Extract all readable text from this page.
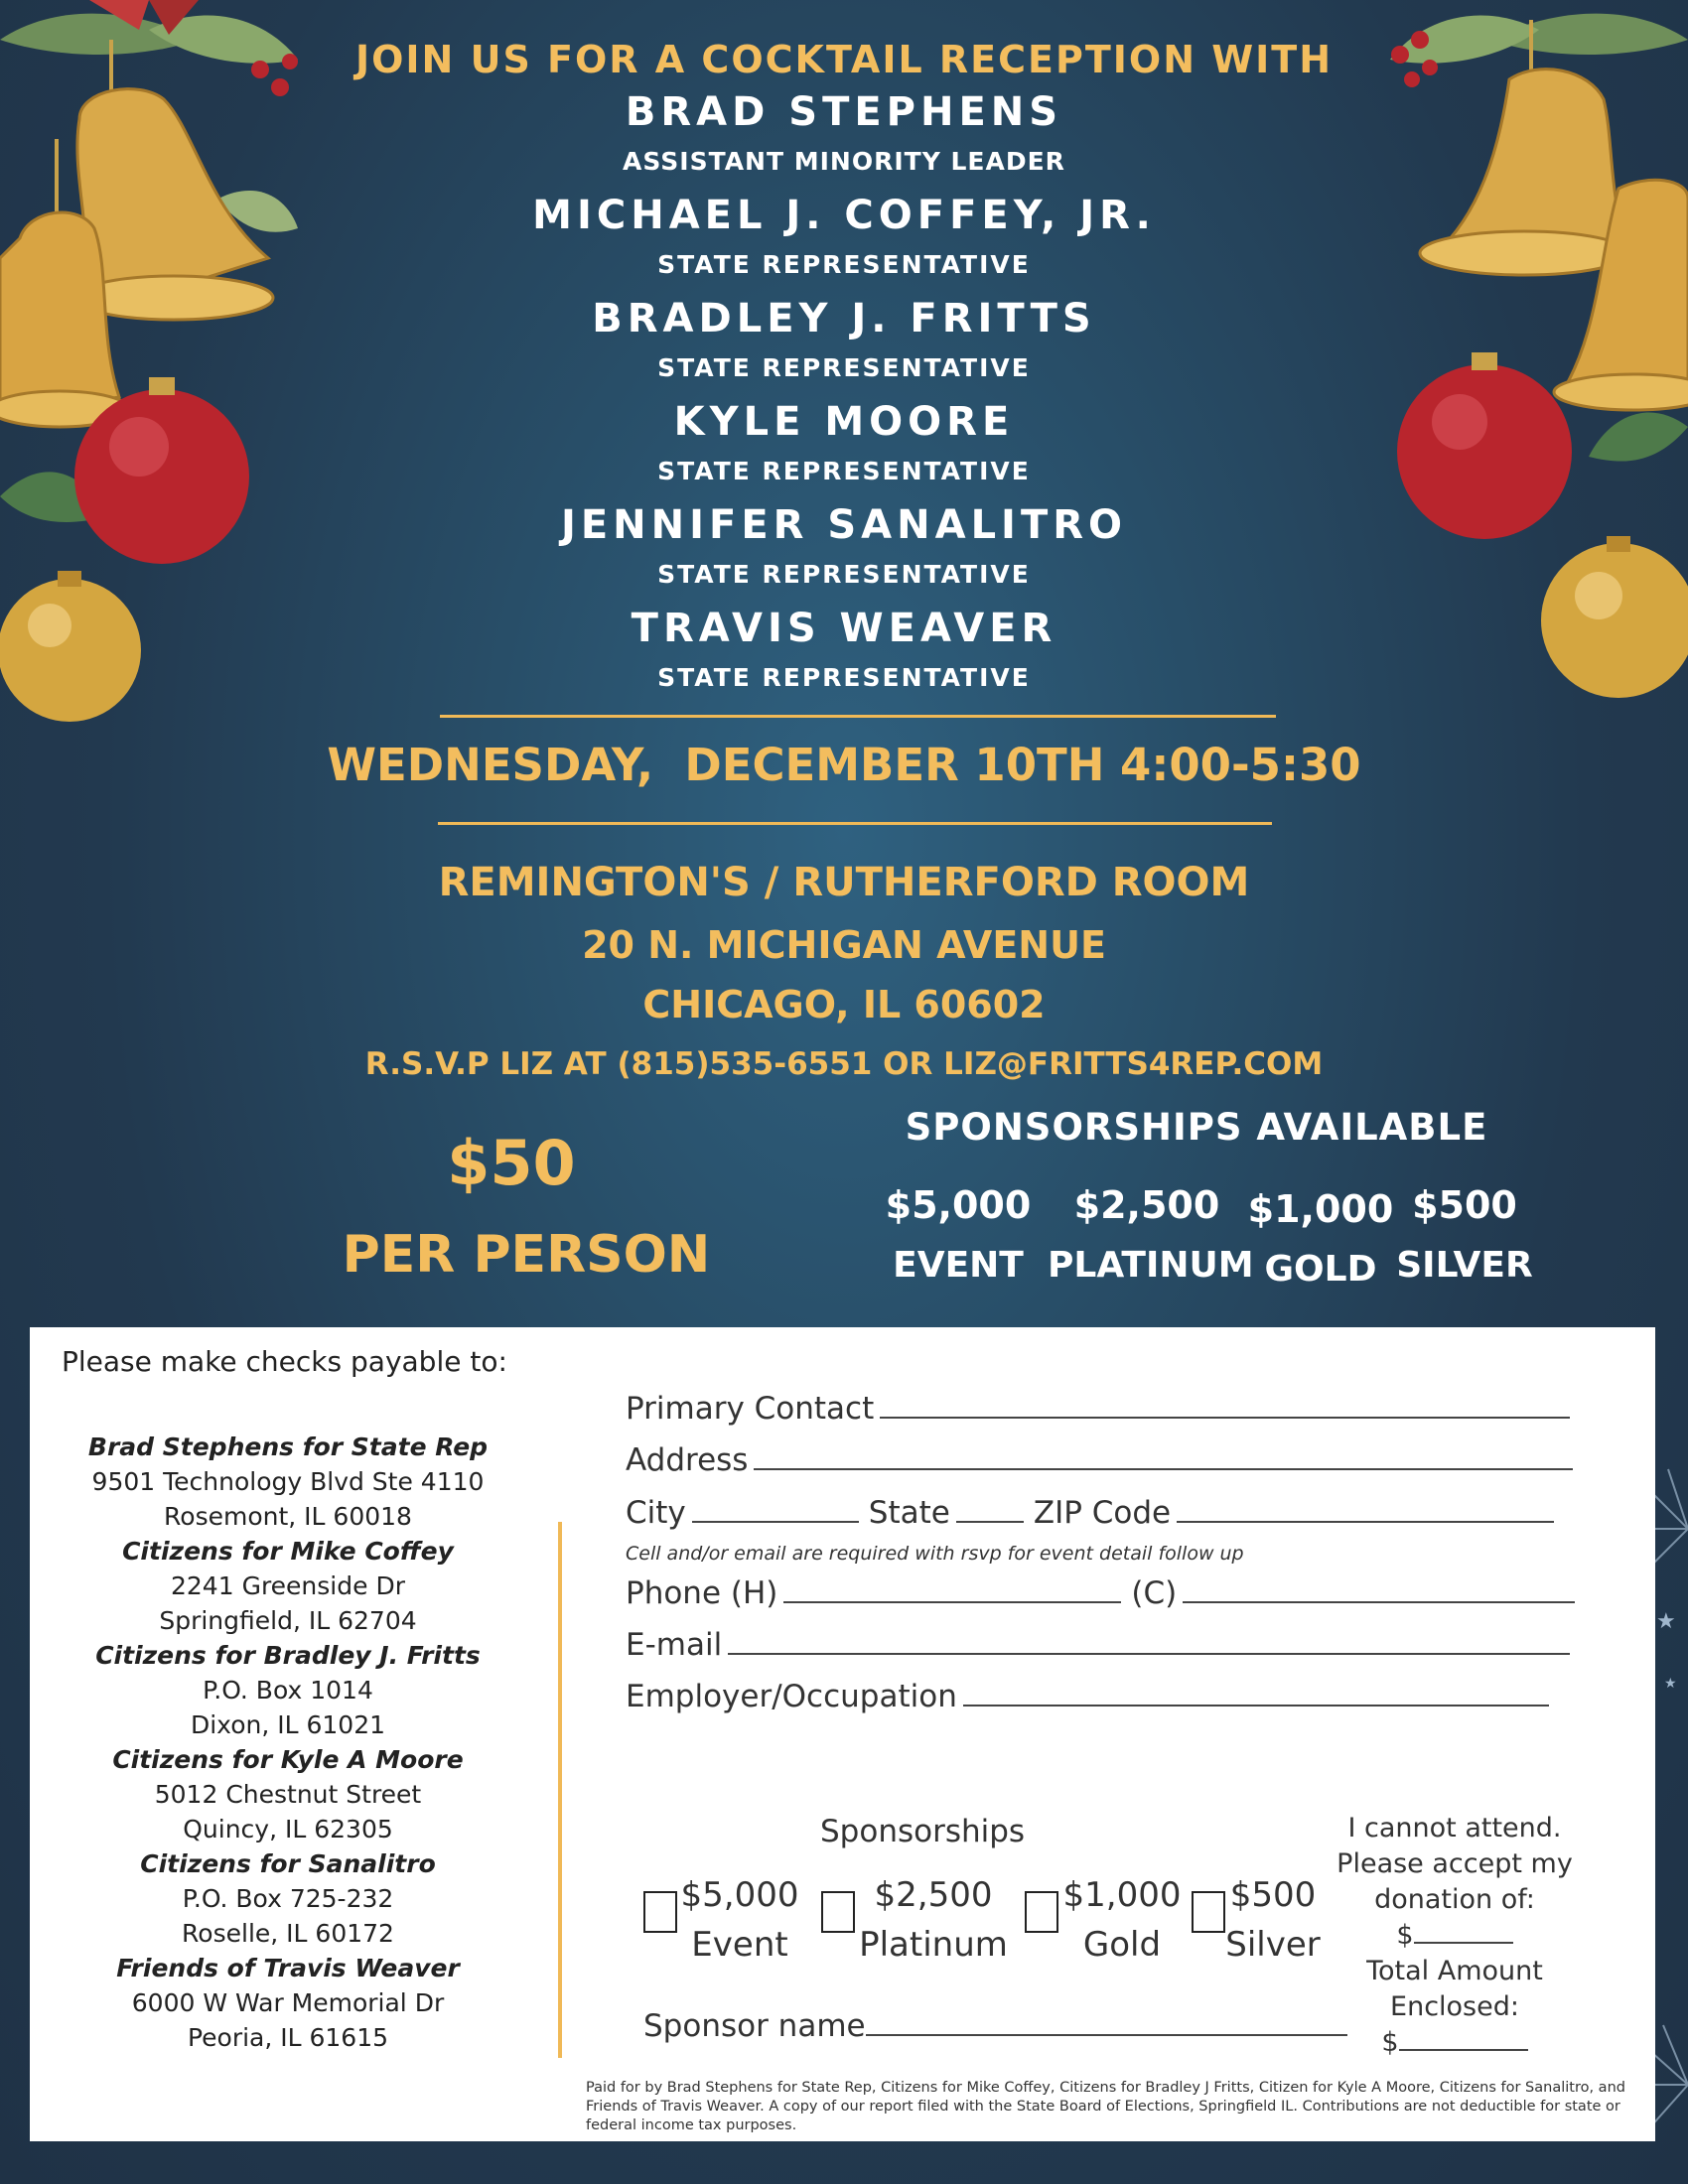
JOIN US FOR A COCKTAIL RECEPTION WITH
BRAD STEPHENS
ASSISTANT MINORITY LEADER
MICHAEL J. COFFEY, JR.
STATE REPRESENTATIVE
BRADLEY J. FRITTS
STATE REPRESENTATIVE
KYLE MOORE
STATE REPRESENTATIVE
JENNIFER SANALITRO
STATE REPRESENTATIVE
TRAVIS WEAVER
STATE REPRESENTATIVE
WEDNESDAY,  DECEMBER 10TH 4:00-5:30
REMINGTON'S / RUTHERFORD ROOM
20 N. MICHIGAN AVENUE
CHICAGO, IL 60602
R.S.V.P LIZ AT (815)535-6551 OR LIZ@FRITTS4REP.COM
$50
PER PERSON
SPONSORSHIPS AVAILABLE
$5,000
EVENT
$2,500
PLATINUM
$1,000
GOLD
$500
SILVER
★
★
Please make checks payable to:
Brad Stephens for State Rep
9501 Technology Blvd Ste 4110
Rosemont, IL 60018
Citizens for Mike Coffey
2241 Greenside Dr
Springfield, IL 62704
Citizens for Bradley J. Fritts
P.O. Box 1014
Dixon, IL 61021
Citizens for Kyle A Moore
5012 Chestnut Street
Quincy, IL 62305
Citizens for Sanalitro
P.O. Box 725-232
Roselle, IL 60172
Friends of Travis Weaver
6000 W War Memorial Dr
Peoria, IL 61615
Primary Contact
Address
City	State	ZIP Code
Cell and/or email are required with rsvp for event detail follow up
Phone (H)	(C)
E-mail
Employer/Occupation
Sponsorships
$5,000
Event
$2,500
Platinum
$1,000
Gold
$500
Silver
Sponsor name
I cannot attend.
Please accept my
donation of:
$
Total Amount
Enclosed:
$
Paid for by Brad Stephens for State Rep, Citizens for Mike Coffey, Citizens for Bradley J Fritts, Citizen for Kyle A Moore, Citizens for Sanalitro, and Friends of Travis Weaver. A copy of our report filed with the State Board of Elections, Springfield IL. Contributions are not deductible for state or federal income tax purposes.
